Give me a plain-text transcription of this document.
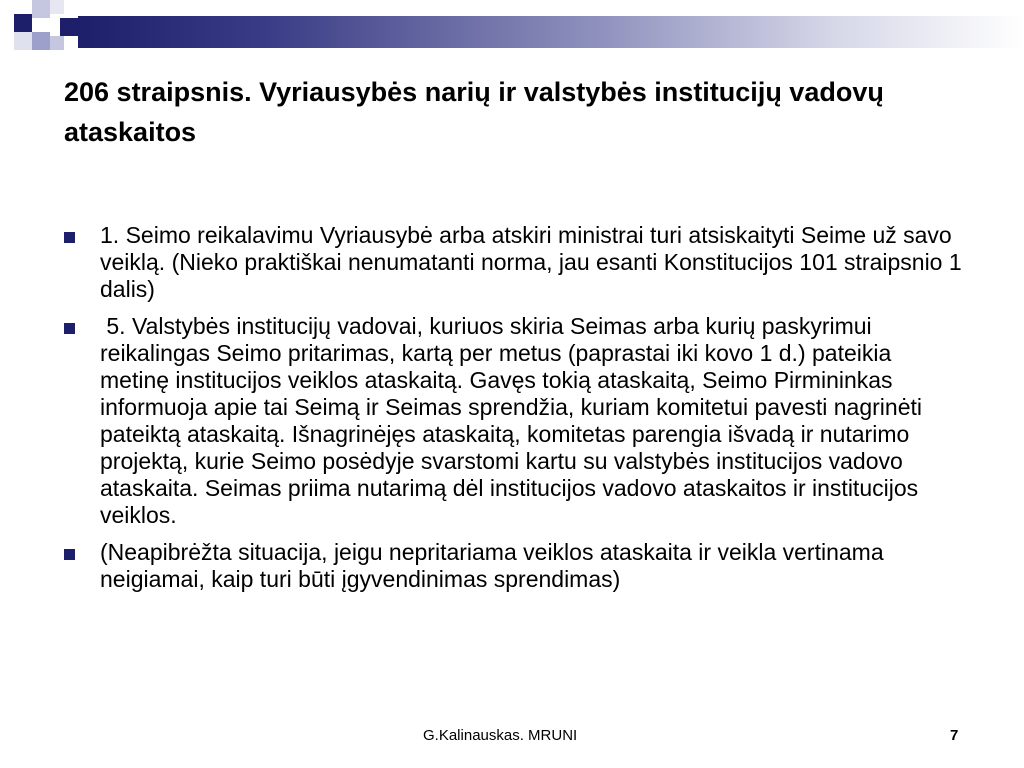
206 straipsnis. Vyriausybės narių ir valstybės institucijų vadovų ataskaitos
1. Seimo reikalavimu Vyriausybė arba atskiri ministrai turi atsiskaityti Seime už savo veiklą. (Nieko praktiškai nenumatanti norma, jau esanti Konstitucijos 101 straipsnio 1 dalis)
5. Valstybės institucijų vadovai, kuriuos skiria Seimas arba kurių paskyrimui reikalingas Seimo pritarimas, kartą per metus (paprastai iki kovo 1 d.) pateikia metinę institucijos veiklos ataskaitą. Gavęs tokią ataskaitą, Seimo Pirmininkas informuoja apie tai Seimą ir Seimas sprendžia, kuriam komitetui pavesti nagrinėti pateiktą ataskaitą. Išnagrinėjęs ataskaitą, komitetas parengia išvadą ir nutarimo projektą, kurie Seimo posėdyje svarstomi kartu su valstybės institucijos vadovo ataskaita. Seimas priima nutarimą dėl institucijos vadovo ataskaitos ir institucijos veiklos.
(Neapibrėžta situacija, jeigu nepritariama veiklos ataskaita ir veikla vertinama neigiamai, kaip turi būti įgyvendinimas sprendimas)
G.Kalinauskas. MRUNI	7
